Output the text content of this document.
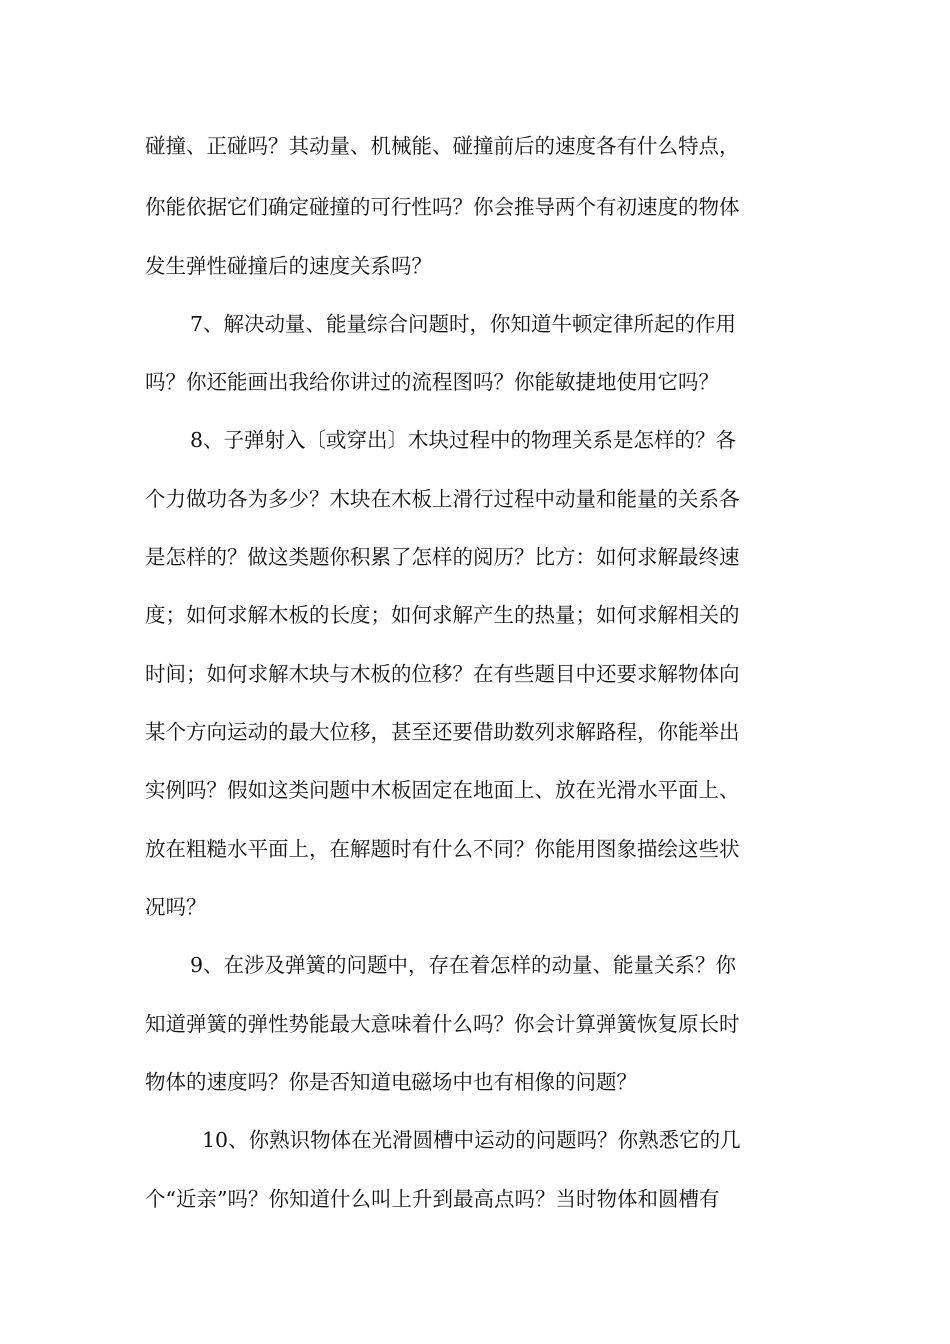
碰撞、正碰吗？其动量、机械能、碰撞前后的速度各有什么特点，
你能依据它们确定碰撞的可行性吗？你会推导两个有初速度的物体
发生弹性碰撞后的速度关系吗？
7、解决动量、能量综合问题时，你知道牛顿定律所起的作用
吗？你还能画出我给你讲过的流程图吗？你能敏捷地使用它吗？
8、子弹射入〔或穿出〕木块过程中的物理关系是怎样的？各
个力做功各为多少？木块在木板上滑行过程中动量和能量的关系各
是怎样的？做这类题你积累了怎样的阅历？比方：如何求解最终速
度；如何求解木板的长度；如何求解产生的热量；如何求解相关的
时间；如何求解木块与木板的位移？在有些题目中还要求解物体向
某个方向运动的最大位移，甚至还要借助数列求解路程，你能举出
实例吗？假如这类问题中木板固定在地面上、放在光滑水平面上、
放在粗糙水平面上，在解题时有什么不同？你能用图象描绘这些状
况吗？
9、在涉及弹簧的问题中，存在着怎样的动量、能量关系？你
知道弹簧的弹性势能最大意味着什么吗？你会计算弹簧恢复原长时
物体的速度吗？你是否知道电磁场中也有相像的问题？
10、你熟识物体在光滑圆槽中运动的问题吗？你熟悉它的几
个“近亲”吗？你知道什么叫上升到最高点吗？当时物体和圆槽有
